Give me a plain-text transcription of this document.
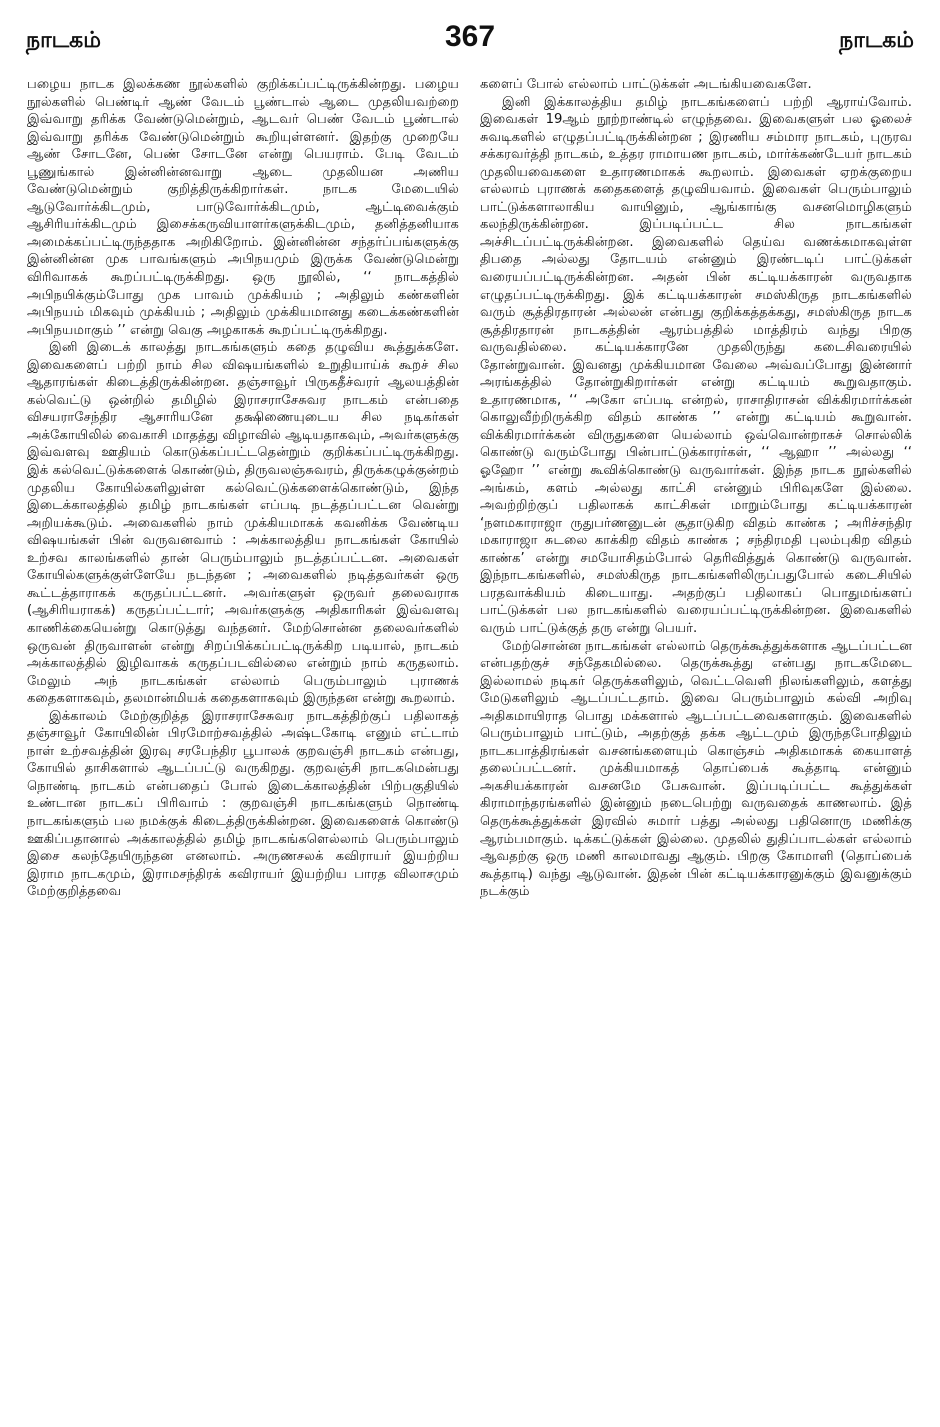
நாடகம்	367	நாடகம்

பழைய நாடக இலக்கண நூல்களில் குறிக்கப்பட்டிருக்கின்றது. பழைய நூல்களில் பெண்டிர் ஆண் வேடம் பூண்டால் ஆடை முதலியவற்றை இவ்வாறு தரிக்க வேண்டுமென்றும், ஆடவர் பெண் வேடம் பூண்டால் இவ்வாறு தரிக்க வேண்டுமென்றும் கூறியுள்ளனர். இதற்கு முறையே ஆண் சோடனே, பெண் சோடனே என்று பெயராம். பேடி வேடம் பூணுங்கால் இன்னின்னவாறு ஆடை முதலியன அணிய வேண்டுமென்றும் குறித்திருக்கிறார்கள். நாடக மேடையில் ஆடுவோர்க்கிடமும், பாடுவோர்க்கிடமும், ஆட்டிவைக்கும் ஆசிரியர்க்கிடமும் இசைக்கருவியாளர்களுக்கிடமும், தனித்தனியாக அமைக்கப்பட்டிருந்ததாக அறிகிறோம். இன்னின்ன சந்தர்ப்பங்களுக்கு இன்னின்ன முக பாவங்களும் அபிநயமும் இருக்க வேண்டுமென்று விரிவாகக் கூறப்பட்டிருக்கிறது. ஒரு நூலில், ‘‘ நாடகத்தில் அபிநயிக்கும்போது முக பாவம் முக்கியம் ; அதிலும் கண்களின் அபிநயம் மிகவும் முக்கியம் ; அதிலும் முக்கியமானது கடைக்கண்களின் அபிநயமாகும் ’’ என்று வெகு அழகாகக் கூறப்பட்டிருக்கிறது.

இனி இடைக் காலத்து நாடகங்களும் கதை தழுவிய கூத்துக்களே. இவைகளைப் பற்றி நாம் சில விஷயங்களில் உறுதியாய்க் கூறச் சில ஆதாரங்கள் கிடைத்திருக்கின்றன. தஞ்சாவூர் பிருகதீச்வரர் ஆலயத்தின் கல்வெட்டு ஒன்றில் தமிழில் இராசராசேசுவர நாடகம் என்பதை விசயராசேந்திர ஆசாரியனே தக்ஷிணையுடைய சில நடிகர்கள் அக்கோயிலில் வைகாசி மாதத்து விழாவில் ஆடியதாகவும், அவர்களுக்கு இவ்வளவு ஊதியம் கொடுக்கப்பட்டதென்றும் குறிக்கப்பட்டிருக்கிறது. இக் கல்வெட்டுக்களைக் கொண்டும், திருவலஞ்சுவரம், திருக்கழுக்குன்றம் முதலிய கோயில்களிலுள்ள கல்வெட்டுக்களைக்கொண்டும், இந்த இடைக்காலத்தில் தமிழ் நாடகங்கள் எப்படி நடத்தப்பட்டன வென்று அறியக்கூடும். அவைகளில் நாம் முக்கியமாகக் கவனிக்க வேண்டிய விஷயங்கள் பின் வருவனவாம் : அக்காலத்திய நாடகங்கள் கோயில் உற்சவ காலங்களில் தான் பெரும்பாலும் நடத்தப்பட்டன. அவைகள் கோயில்களுக்குள்ளேயே நடந்தன ; அவைகளில் நடித்தவர்கள் ஒரு கூட்டத்தாராகக் கருதப்பட்டனர். அவர்களுள் ஒருவர் தலைவராக (ஆசிரியராகக்) கருதப்பட்டார்; அவர்களுக்கு அதிகாரிகள் இவ்வளவு காணிக்கையென்று கொடுத்து வந்தனர். மேற்சொன்ன தலைவர்களில் ஒருவன் திருவாளன் என்று சிறப்பிக்கப்பட்டிருக்கிற படியால், நாடகம் அக்காலத்தில் இழிவாகக் கருதப்படவில்லை என்றும் நாம் கருதலாம். மேலும் அந் நாடகங்கள் எல்லாம் பெரும்பாலும் புராணக் கதைகளாகவும், தலமான்மியக் கதைகளாகவும் இருந்தன என்று கூறலாம்.

இக்காலம் மேற்குறித்த இராசராசேசுவர நாடகத்திற்குப் பதிலாகத் தஞ்சாவூர் கோயிலின் பிரமோற்சவத்தில் அஷ்டகோடி எனும் எட்டாம் நாள் உற்சவத்தின் இரவு சரபேந்திர பூபாலக் குறவஞ்சி நாடகம் என்பது, கோயில் தாசிகளால் ஆடப்பட்டு வருகிறது. குறவஞ்சி நாடகமென்பது நொண்டி நாடகம் என்பதைப் போல் இடைக்காலத்தின் பிற்பகுதியில் உண்டான நாடகப் பிரிவாம் : குறவஞ்சி நாடகங்களும் நொண்டி நாடகங்களும் பல நமக்குக் கிடைத்திருக்கின்றன. இவைகளைக் கொண்டு ஊகிப்பதானால் அக்காலத்தில் தமிழ் நாடகங்களெல்லாம் பெரும்பாலும் இசை கலந்தேயிருந்தன எனலாம். அருணசலக் கவிராயர் இயற்றிய இராம நாடகமும், இராமசந்திரக் கவிராயர் இயற்றிய பாரத விலாசமும் மேற்குறித்தவை

களைப் போல் எல்லாம் பாட்டுக்கள் அடங்கியவைகளே.

இனி இக்காலத்திய தமிழ் நாடகங்களைப் பற்றி ஆராய்வோம். இவைகள் 19ஆம் நூற்றாண்டில் எழுந்தவை. இவைகளுள் பல ஓலைச் சுவடிகளில் எழுதப்பட்டிருக்கின்றன ; இரணிய சம்மார நாடகம், புருரவ சக்கரவர்த்தி நாடகம், உத்தர ராமாயண நாடகம், மார்க்கண்டேயர் நாடகம் முதலியவைகளை உதாரணமாகக் கூறலாம். இவைகள் ஏறக்குறைய எல்லாம் புராணக் கதைகளைத் தழுவியவாம். இவைகள் பெரும்பாலும் பாட்டுக்களாலாகிய வாயினும், ஆங்காங்கு வசனமொழிகளும் கலந்திருக்கின்றன. இப்படிப்பட்ட சில நாடகங்கள் அச்சிடப்பட்டிருக்கின்றன. இவைகளில் தெய்வ வணக்கமாகவுள்ள திபதை அல்லது தோடயம் என்னும் இரண்டடிப் பாட்டுக்கள் வரையப்பட்டிருக்கின்றன. அதன் பின் கட்டியக்காரன் வருவதாக எழுதப்பட்டிருக்கிறது. இக் கட்டியக்காரன் சமஸ்கிருத நாடகங்களில் வரும் சூத்திரதாரன் அல்லன் என்பது குறிக்கத்தக்கது, சமஸ்கிருத நாடக சூத்திரதாரன் நாடகத்தின் ஆரம்பத்தில் மாத்திரம் வந்து பிறகு வருவதில்லை. கட்டியக்காரனே முதலிருந்து கடைசிவரையில் தோன்றுவான். இவனது முக்கியமான வேலை அவ்வப்போது இன்னார் அரங்கத்தில் தோன்றுகிறார்கள் என்று கட்டியம் கூறுவதாகும். உதாரணமாக, ‘‘ அகோ எப்படி என்றல், ராசாதிராசன் விக்கிரமார்க்கன் கொலுவீற்றிருக்கிற விதம் காண்க ’’ என்று கட்டியம் கூறுவான். விக்கிரமார்க்கன் விருதுகளை யெல்லாம் ஒவ்வொன்றாகச் சொல்லிக் கொண்டு வரும்போது பின்பாட்டுக்காரர்கள், ‘‘ ஆஹா ’’ அல்லது ‘‘ ஓஹோ ’’ என்று கூவிக்கொண்டு வருவார்கள். இந்த நாடக நூல்களில் அங்கம், களம் அல்லது காட்சி என்னும் பிரிவுகளே இல்லை. அவற்றிற்குப் பதிலாகக் காட்சிகள் மாறும்போது கட்டியக்காரன் ‘நளமகாராஜா ருதுபர்ணனுடன் சூதாடுகிற விதம் காண்க ; அரிச்சந்திர மகாராஜா சுடலை காக்கிற விதம் காண்க ; சந்திரமதி புலம்புகிற விதம் காண்க’ என்று சமயோசிதம்போல் தெரிவித்துக் கொண்டு வருவான். இந்நாடகங்களில், சமஸ்கிருத நாடகங்களிலிருப்பதுபோல் கடைசியில் பரதவாக்கியம் கிடையாது. அதற்குப் பதிலாகப் பொதுமங்களப் பாட்டுக்கள் பல நாடகங்களில் வரையப்பட்டிருக்கின்றன. இவைகளில் வரும் பாட்டுக்குத் தரு என்று பெயர்.

மேற்சொன்ன நாடகங்கள் எல்லாம் தெருக்கூத்துக்களாக ஆடப்பட்டன என்பதற்குச் சந்தேகமில்லை. தெருக்கூத்து என்பது நாடகமேடை இல்லாமல் நடிகர் தெருக்களிலும், வெட்டவெளி நிலங்களிலும், களத்து மேடுகளிலும் ஆடப்பட்டதாம். இவை பெரும்பாலும் கல்வி அறிவு அதிகமாயிராத பொது மக்களால் ஆடப்பட்டவைகளாகும். இவைகளில் பெரும்பாலும் பாட்டும், அதற்குத் தக்க ஆட்டமும் இருந்தபோதிலும் நாடகபாத்திரங்கள் வசனங்களையும் கொஞ்சம் அதிகமாகக் கையாளத் தலைப்பட்டனர். முக்கியமாகத் தொப்பைக் கூத்தாடி என்னும் அகசியக்காரன் வசனமே பேசுவான். இப்படிப்பட்ட கூத்துக்கள் கிராமாந்தரங்களில் இன்னும் நடைபெற்று வருவதைக் காணலாம். இத் தெருக்கூத்துக்கள் இரவில் சுமார் பத்து அல்லது பதினொரு மணிக்கு ஆரம்பமாகும். டிக்கட்டுக்கள் இல்லை. முதலில் துதிப்பாடல்கள் எல்லாம் ஆவதற்கு ஒரு மணி காலமாவது ஆகும். பிறகு கோமாளி (தொப்பைக் கூத்தாடி) வந்து ஆடுவான். இதன் பின் கட்டியக்காரனுக்கும் இவனுக்கும் நடக்கும்
